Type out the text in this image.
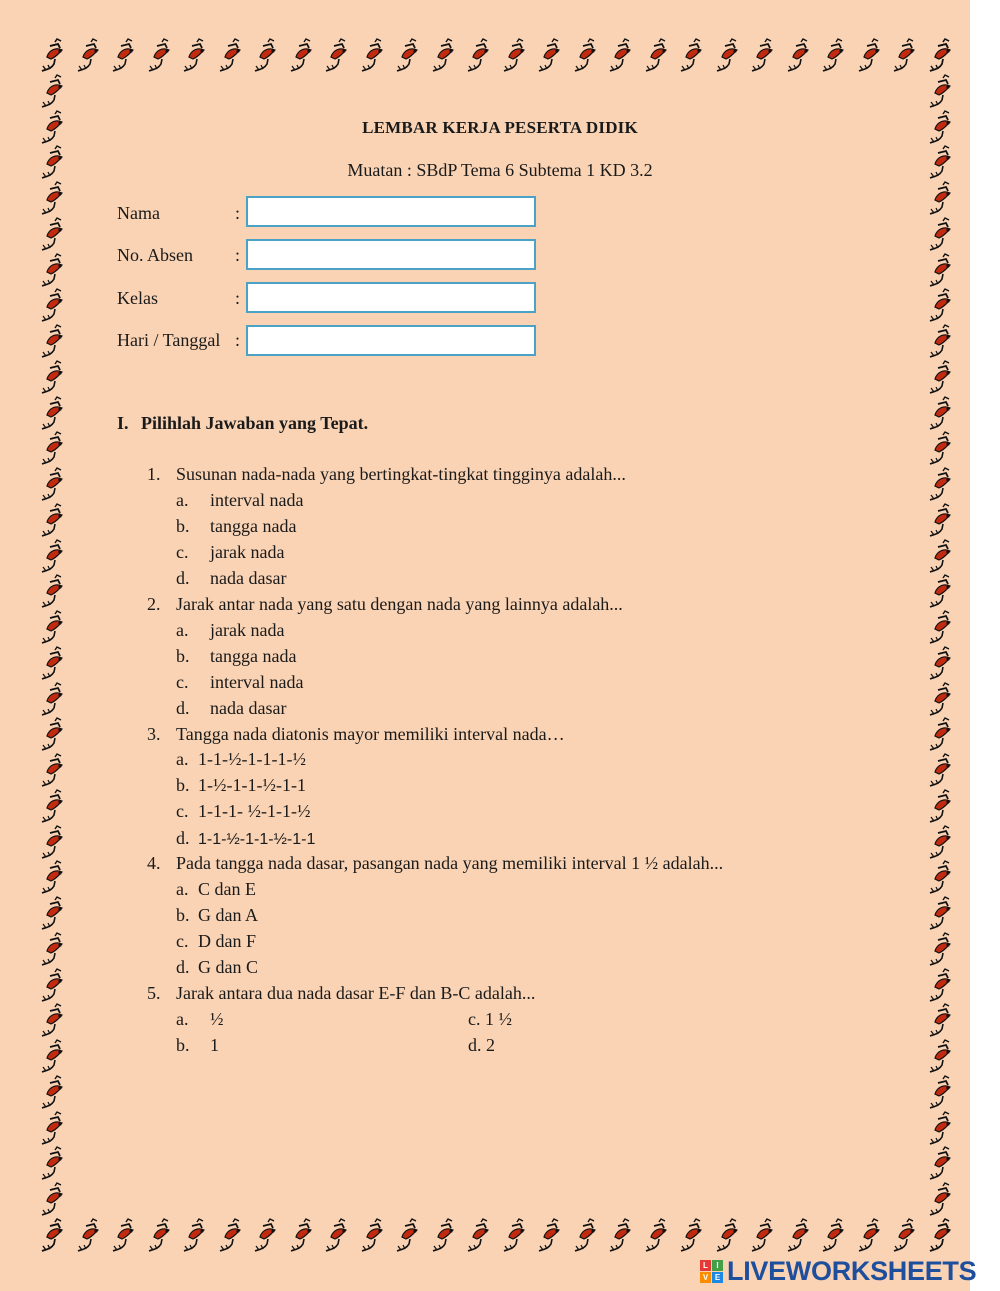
LEMBAR KERJA PESERTA DIDIK
Muatan : SBdP Tema 6 Subtema 1 KD 3.2
Nama	:
No. Absen :
Kelas	:
Hari / Tanggal :
I. Pilihlah Jawaban yang Tepat.
1. Susunan nada-nada yang bertingkat-tingkat tingginya adalah...
a. interval nada
b. tangga nada
c. jarak nada
d. nada dasar
2. Jarak antar nada yang satu dengan nada yang lainnya adalah...
a. jarak nada
b. tangga nada
c. interval nada
d. nada dasar
3. Tangga nada diatonis mayor memiliki interval nada…
a. 1-1-½-1-1-1-½
b. 1-½-1-1-½-1-1
c. 1-1-1- ½-1-1-½
d. 1-1-½-1-1-½-1-1
4. Pada tangga nada dasar, pasangan nada yang memiliki interval 1 ½ adalah...
a. C dan E
b. G dan A
c. D dan F
d. G dan C
5. Jarak antara dua nada dasar E-F dan B-C adalah...
a. ½
b. 1
c. 1 ½
d. 2
L	I
V E LIVEWORKSHEETS
